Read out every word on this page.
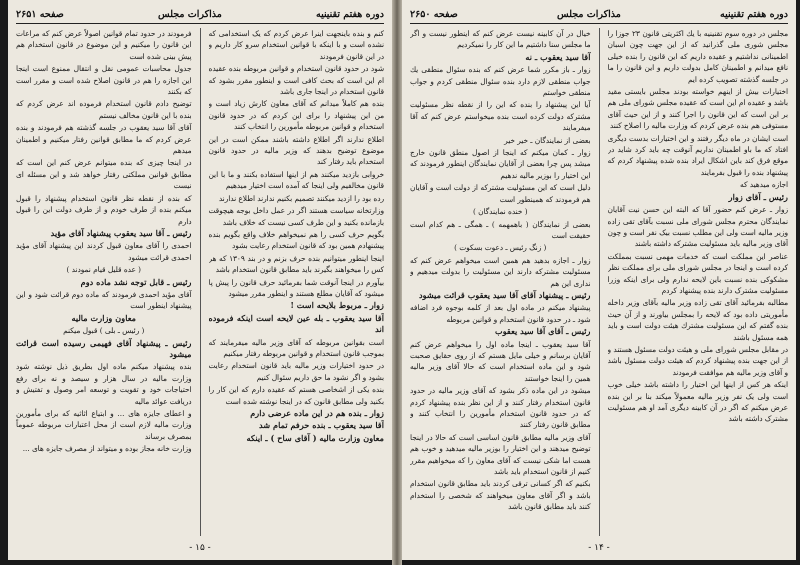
دوره هفتم تقنينيه
مذاكرات مجلس
صفحه ۲۶۵۱

کنم و بنده باینجهت اینرا عرض کردم که یک استخدامی که نشده است و با اینکه با قوانین استخدام سرو کار داریم و در این قانون فرمودند

شود در حدود قانون استخدام و قوانین مربوطه بنده عقیده ام این است که بحث کافی است و اینطور مقرر بشود که قانون استخدام در اینجا جاری باشد

بنده هم کاملاً میدانم که آقای معاون کارش زیاد است و من این پیشنهاد را برای این کردم که در حدود قانون استخدام و قوانین مربوطه مأمورین را انتخاب کنند

اطلاع ندارند اگر اطلاع داشته باشند ممکن است در این موضوع توضیح بدهند که وزیر مالیه در حدود قانون استخدام باید رفتار کند

خروابی بازدید میکنند هم از اینها استفاده بکنند و ما با این قانون مخالفیم ولی اینجا که آمده است اختیار میدهیم

رده بود را ازدید میکنند تصمیم بکنیم ندارند اطلاع ندارند

وزارتخانه سیاست هستند اگر در عمل داخل بوجه هیچوقت بازمانده بکنید و این طرف کسی نیست که خلاف باشد

بگویم حرف کسی را هم نمیخواهم خلاف واقع بگویم بنده پیشنهادم همین بود که قانون استخدام رعایت بشود

اینجا اینطور میتوانیم بنده حرف بزنم و در بند ۱۳۰۹ که هر کس را میخواهند بگیرند باید مطابق قانون استخدام باشد

بیآورم در اینجا آنوقت شما بفرمائید حرف قانون را پیش پا میشود که آقایان مطلع هستند و اینطور مقرر میشود

زوار ـ مربوط بلایحه است !

آقا سید یعقوب ـ بله عین لایحه است اینکه فرموده اند

است بقوانین مربوطه که آقای وزیر مالیه میفرمایند که بموجب قانون استخدام و قوانین مربوطه رفتار میکنیم

در حدود اختیارات وزیر مالیه باید قانون استخدام رعایت بشود و اگر نشود ما حق داریم سئوال کنیم

بنده یکی از اشخاصی هستم که عقیده دارم که این کار را بکنید ولی مطابق قانون که در اینجا نوشته شده است

زوار ـ بنده هم در این ماده عرضی دارم

آقا سید یعقوب ـ بنده حرفم تمام شد

معاون وزارت مالیه ( آقای ساح ) ـ اینکه

فرمودند در حدود تمام قوانین اصولاً عرض کنم که مراعات این قانون را میکنیم و این موضوع در قانون استخدام هم پیش بینی شده است

جدول محاسبات عمومی نقل و انتقال ممنوع است اینجا این اجازه را هم در قانون اصلاح شده است و مقرر است که بکنند

توضیح دادم قانون استخدام فرموده اند عرض کردم که بنده با این قانون مخالف نیستم

آقای آقا سید یعقوب در جلسه گذشته هم فرمودند و بنده عرض کردم که ما مطابق قوانین رفتار میکنیم و اطمینان میدهم

در اینجا چیزی که بنده میتوانم عرض کنم این است که مطابق قوانین مملکتی رفتار خواهد شد و این مسئله ای نیست

که بنده از نقطه نظر قانون استخدام پیشنهاد را قبول میکنم بنده از طرف خودم و از طرف دولت این را قبول دارم

رئیس ـ آقا سید یعقوب پیشنهاد آقای مؤید

احمدی را آقای معاون قبول کردند این پیشنهاد آقای مؤید احمدی قرائت میشود

( عده قلیل قیام نمودند )

رئیس ـ قابل توجه نشد ماده دوم

آقای مؤید احمدی فرمودند که ماده دوم قرائت شود و این پیشنهاد اینطور است

معاون وزارت مالیه

( رئیس ـ بلی ) قبول میکنم

رئیس ـ پیشنهاد آقای فهیمی رسیده است قرائت میشود

بنده پیشنهاد میکنم ماده اول بطریق ذیل نوشته شود وزارت مالیه در سال هزار و سیصد و نه برای رفع احتیاجات خود و تقویت و توسعه امر وصول و تفتیش و دریافت عوائد مالیه

و اعطای جایزه های ... و ابتیاع اثاثیه که برای مأمورین وزارت مالیه لازم است از محل اعتبارات مربوطه عموماً بمصرف برساند

وزارت خانه مجاز بوده و میتواند از مصرف جایزه های ...

- ۱۵ -
دوره هفتم تقنينيه
مذاكرات مجلس
صفحه ۲۶۵۰

مجلس در دوره سوم تقنینیه با یك اکثریتی قانون ۲۳ جوزا را مجلس شوری ملی گذرانید که از این جهت چون اسبان اطمینانی نداشتیم و عقیده داریم که این قانون را بنده خیلی نافع میدانم و اطمینان کامل بدولت داریم و این قانون را ما در جلسه گذشته تصویب کرده ایم

اختیارات بیش از اینهم خواسته بودند مجلس بایستی مقید باشد و عقیده ام این است که عقیده مجلس شورای ملی هم بر این است که این قانون را اجرا کنند و از این حیث آقای مستوفی هم بنده عرض کردم که وزارت مالیه را اصلاح کنند

است ایشان در ماه دیگر رفتند و این اختیارات بدست دیگری افتاد که ما باو اطمینان نداریم آنوقت چه باید کرد شاید در موقع فرق کند باین اشکال ایراد بنده شده پیشنهاد کردم که پیشنهاد بنده را قبول بفرمایند

اجازه میدهید که

رئیس ـ آقای زوار

زوار ـ عرض کنم حضور آقا که البته این حسن نیت آقایان نمایندگان محترم مجلس شورای ملی نسبت بآقای تقی زاده وزیر مالیه است ولی این مطلب نسبت بیک نفر است و چون آقای وزیر مالیه باید مسئولیت مشترکه داشته باشند

عناصر این مملکت است که خدمات مهمی نسبت بمملکت کرده است و اینجا در مجلس شورای ملی برای مملکت نظر مشکوکی بنده نسبت باین لایحه ندارم ولی برای اینکه وزرا مسئولیت مشترک دارند بنده پیشنهاد کردم

مطالبه بفرمائید آقای تقی زاده وزیر مالیه بآقای وزیر داخله مأموریتی داده بود که لایحه را بمجلس بیاورند و از آن حیث بنده گفتم که این مسئولیت مشترك هیئت دولت است و باید همه مسئول باشند

در مقابل مجلس شورای ملی و هیئت دولت مسئول هستند و از این جهت بنده پیشنهاد کردم که هیئت دولت مسئول باشد و آقای وزیر مالیه هم موافقت فرمودند

اینکه هر کس از اینها این اختیار را داشته باشد خیلی خوب است ولی یک نفر وزیر مالیه معمولاً میکند بنا بر این بنده عرض میکنم که اگر در آن کابینه دیگری آمد او هم مسئولیت مشترک داشته باشد

خیال در آن کابینه نیست عرض کنم که اینطور نیست و اگر ما مجلس سنا داشتیم ما این کار را نمیکردیم

آقا سید یعقوب ـ نه

زوار ـ باز مکرر شما عرض کنم که بنده سئوال منطقی یك جواب منطقی لازم دارد بنده سئوال منطقی کردم و جواب منطقی خواستم

آیا این پیشنهاد را بنده که این را از نقطه نظر مسئولیت مشترکه دولت کرده است بنده میخواستم عرض کنم که آقا میفرمایند

بعضی از نمایندگان ـ خیر خیر

زوار ـ کمان میکنم که اینجا از اصول منطق قانون خارج میشد پس چرا بعضی از آقایان نمایندگان اینطور فرمودند که این اختیار را بوزیر مالیه ندهیم

دلیل است که این مسئولیت مشترکه از دولت است و آقایان هم فرمودند که همینطور است

( خنده نمایندگان )

بعضی از نمایندگان ( باهمهمه ) ـ همگی ـ هم کدام است حقیقت است

( زنگ رئیس ـ دعوت بسکوت )

زوار ـ اجازه بدهید هم همین است میخواهم عرض کنم که مسئولیت مشترکه دارند این مسئولیت را بدولت میدهیم و نداری این هم

رئیس ـ پیشنهاد آقای آقا سید یعقوب قرائت میشود

پیشنهاد میکنم در ماده اول بعد از کلمه بوجوه فرد اضافه شود ـ در حدود قانون استخدام و قوانین مربوطه

رئیس ـ آقای آقا سید یعقوب

آقا سید یعقوب ـ اینجا ماده اول را میخواهم عرض کنم آقایان برسانم و خیلی مایل هستم که از روی حقایق صحبت شود و این ماده استخدام است که حالا آقای وزیر مالیه همین را اینجا خواستند

میشود در این ماده ذکر بشود که آقای وزیر مالیه در حدود قانون استخدام رفتار کنند و از این نظر بنده پیشنهاد کردم که در حدود قانون استخدام مأمورین را انتخاب کنند و مطابق قانون رفتار کنند

آقای وزیر مالیه مطابق قانون اساسی است که حالا در اینجا توضیح میدهند و این اختیار را بوزیر مالیه میدهید و خوب هم هست اما شکی نیست که آقای معاون را که میخواهیم مقرر کنیم از قانون استخدام باید باشد

بکنیم که اگر کسانی ترقی کردند باید مطابق قانون استخدام باشد و اگر آقای معاون میخواهند که شخصی را استخدام کنند باید مطابق قانون باشد

- ۱۴ -
